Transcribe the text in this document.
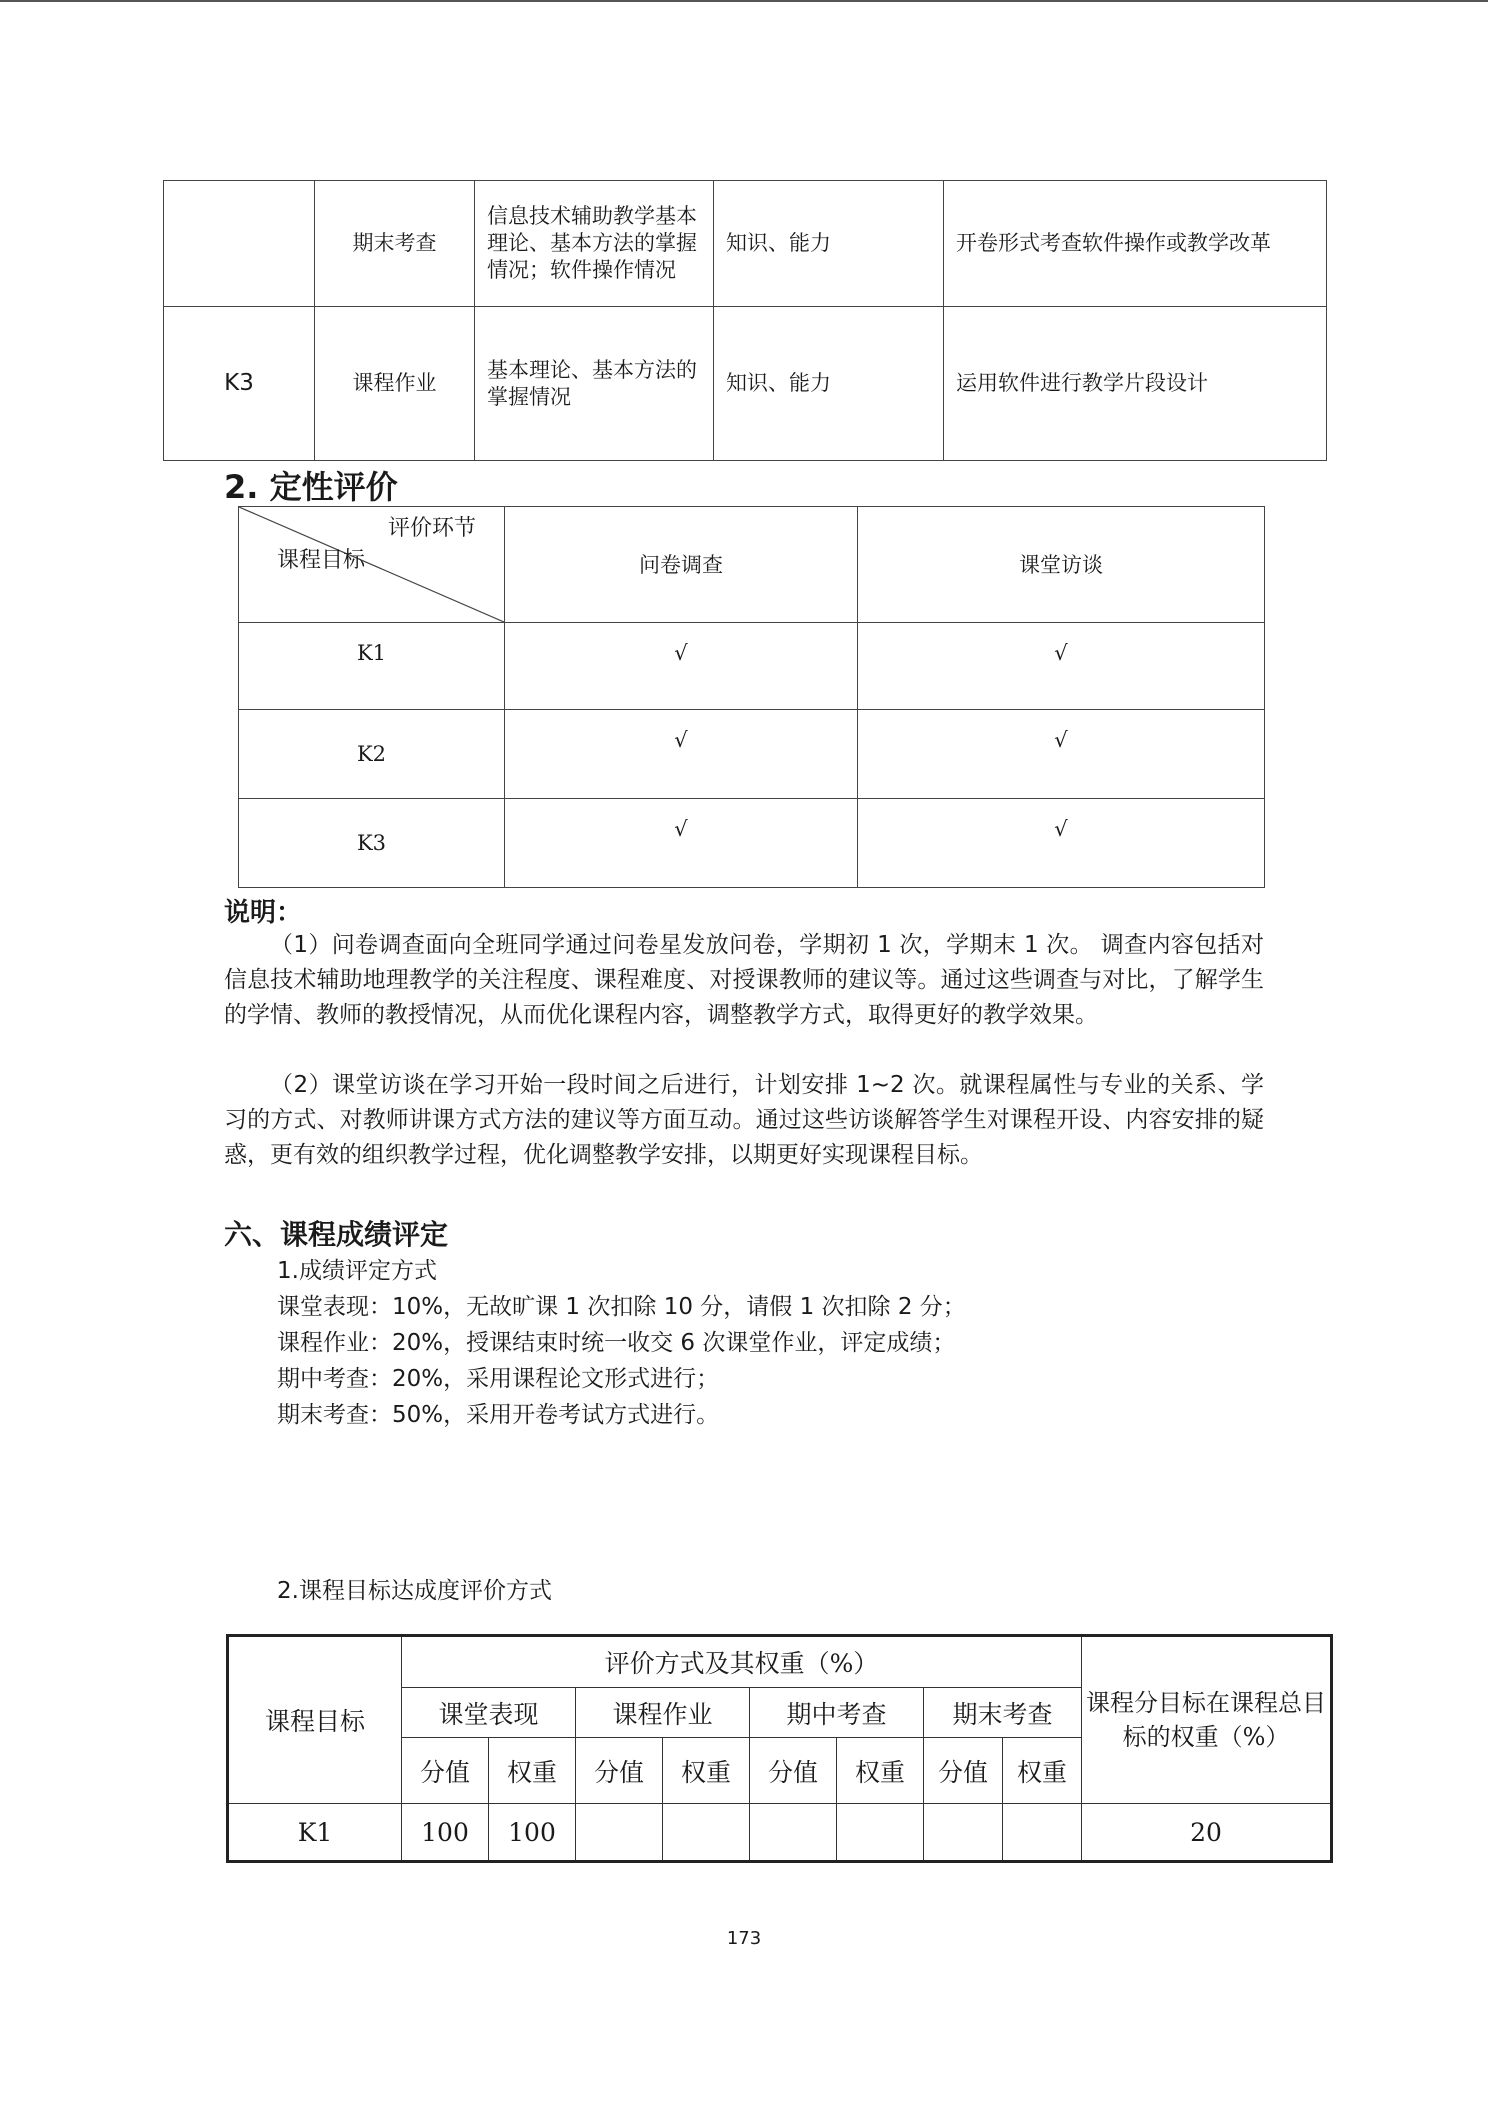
	期末考查	信息技术辅助教学基本理论、基本方法的掌握情况；软件操作情况	知识、能力	开卷形式考查软件操作或教学改革
K3	课程作业	基本理论、基本方法的掌握情况	知识、能力	运用软件进行教学片段设计
2. 定性评价
评价环节
课程目标	问卷调查	课堂访谈
K1	√	√
K2	√	√
K3	√	√
说明：

（1）问卷调查面向全班同学通过问卷星发放问卷，学期初 1 次，学期末 1 次。 调查内容包括对信息技术辅助地理教学的关注程度、课程难度、对授课教师的建议等。通过这些调查与对比，了解学生的学情、教师的教授情况，从而优化课程内容，调整教学方式，取得更好的教学效果。

（2）课堂访谈在学习开始一段时间之后进行，计划安排 1~2 次。就课程属性与专业的关系、学习的方式、对教师讲课方式方法的建议等方面互动。通过这些访谈解答学生对课程开设、内容安排的疑惑，更有效的组织教学过程，优化调整教学安排，以期更好实现课程目标。

六、课程成绩评定

1.成绩评定方式

课堂表现：10%，无故旷课 1 次扣除 10 分，请假 1 次扣除 2 分；

课程作业：20%，授课结束时统一收交 6 次课堂作业，评定成绩；

期中考查：20%，采用课程论文形式进行；

期末考查：50%，采用开卷考试方式进行。

2.课程目标达成度评价方式

课程目标	评价方式及其权重（%）								课程分目标在课程总目标的权重（%）
	课堂表现		课程作业		期中考查		期末考查		
	分值	权重	分值	权重	分值	权重	分值	权重	
K1	100	100							20
173
